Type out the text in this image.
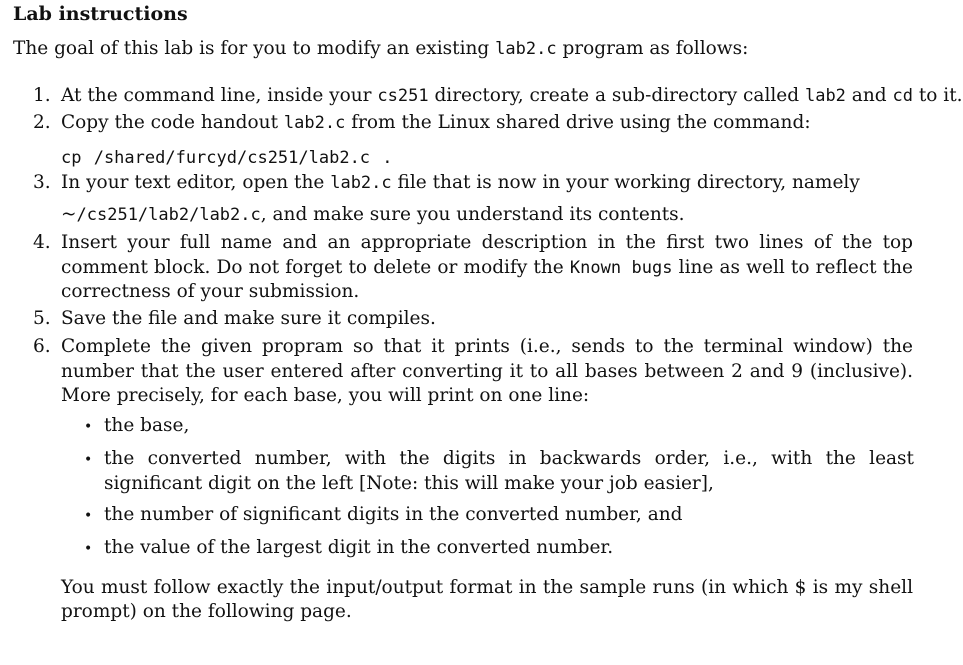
Lab instructions
The goal of this lab is for you to modify an existing lab2.c program as follows:
1. At the command line, inside your cs251 directory, create a sub-directory called lab2 and cd to it.
2. Copy the code handout lab2.c from the Linux shared drive using the command:
cp /shared/furcyd/cs251/lab2.c .
3. In your text editor, open the lab2.c file that is now in your working directory, namely
~/cs251/lab2/lab2.c, and make sure you understand its contents.
4. Insert your full name and an appropriate description in the first two lines of the top comment block. Do not forget to delete or modify the Known bugs line as well to reflect the correctness of your submission.
5. Save the file and make sure it compiles.
6. Complete the given propram so that it prints (i.e., sends to the terminal window) the number that the user entered after converting it to all bases between 2 and 9 (inclusive). More precisely, for each base, you will print on one line:
• the base,
• the converted number, with the digits in backwards order, i.e., with the least significant digit on the left [Note: this will make your job easier],
• the number of significant digits in the converted number, and
• the value of the largest digit in the converted number.
You must follow exactly the input/output format in the sample runs (in which $ is my shell prompt) on the following page.
